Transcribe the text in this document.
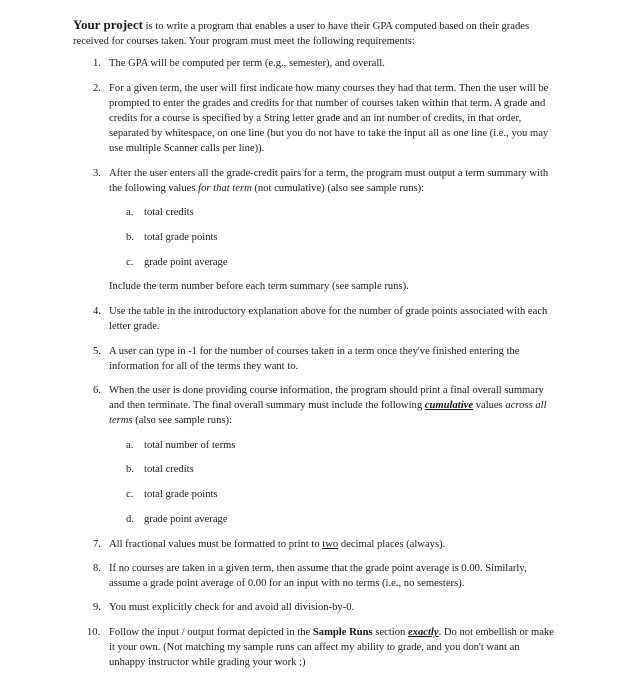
Your project is to write a program that enables a user to have their GPA computed based on their grades received for courses taken. Your program must meet the following requirements:
1. The GPA will be computed per term (e.g., semester), and overall.
2. For a given term, the user will first indicate how many courses they had that term. Then the user will be prompted to enter the grades and credits for that number of courses taken within that term. A grade and credits for a course is specified by a String letter grade and an int number of credits, in that order, separated by whitespace, on one line (but you do not have to take the input all as one line (i.e., you may use multiple Scanner calls per line)).
3. After the user enters all the grade-credit pairs for a term, the program must output a term summary with the following values for that term (not cumulative) (also see sample runs):
a.	total credits
b. total grade points
c.	grade point average
Include the term number before each term summary (see sample runs).
4. Use the table in the introductory explanation above for the number of grade points associated with each letter grade.
5. A user can type in -1 for the number of courses taken in a term once they've finished entering the information for all of the terms they want to.
6. When the user is done providing course information, the program should print a final overall summary and then terminate. The final overall summary must include the following cumulative values across all terms (also see sample runs):
a.	total number of terms
b. total credits
c.	total grade points
d. grade point average
7. All fractional values must be formatted to print to two decimal places (always).
8. If no courses are taken in a given term, then assume that the grade point average is 0.00. Similarly, assume a grade point average of 0.00 for an input with no terms (i.e., no semesters).
9. You must explicitly check for and avoid all division-by-0.
10. Follow the input / output format depicted in the Sample Runs section exactly. Do not embellish or make it your own. (Not matching my sample runs can affect my ability to grade, and you don't want an unhappy instructor while grading your work ;)
